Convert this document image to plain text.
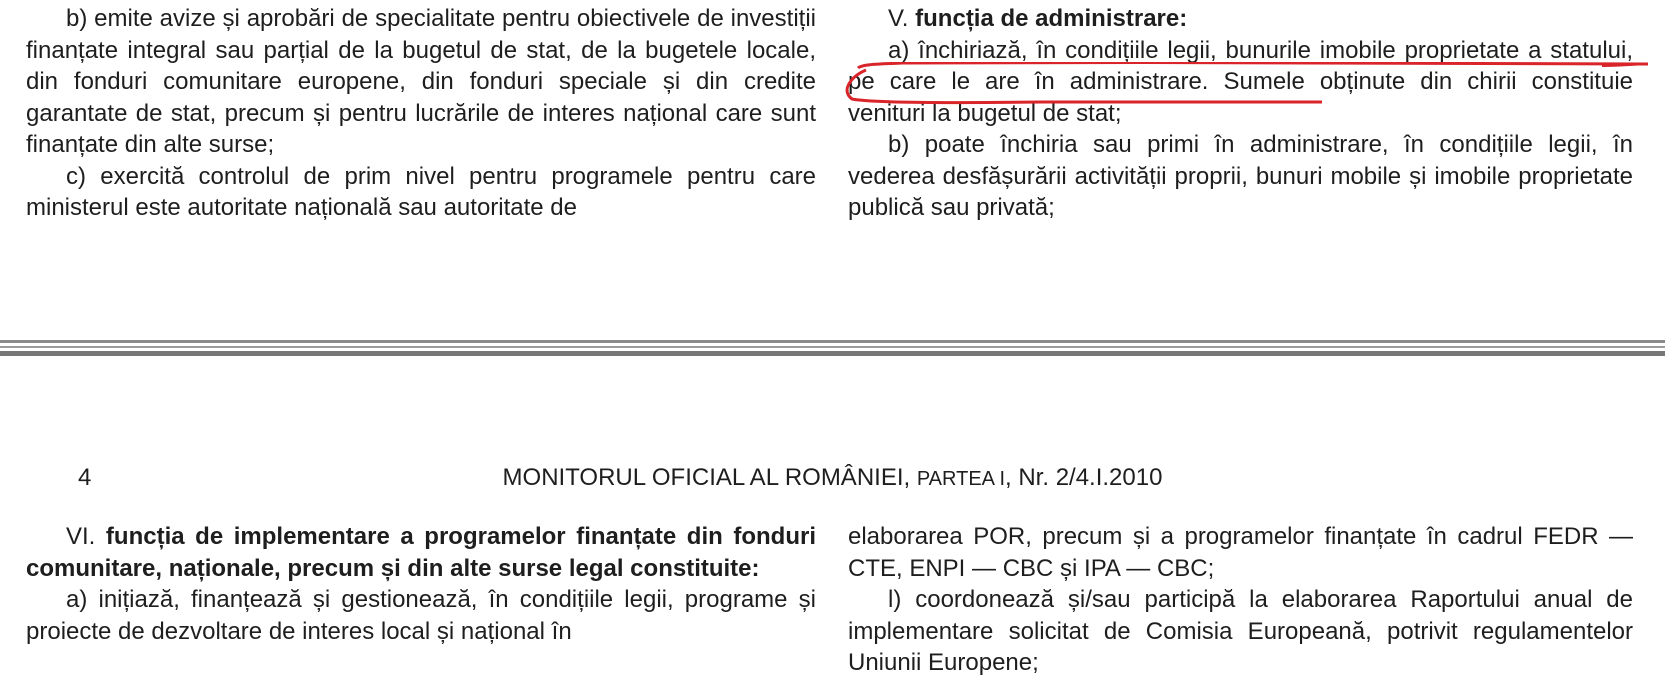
b) emite avize și aprobări de specialitate pentru obiectivele de investiții finanțate integral sau parțial de la bugetul de stat, de la bugetele locale, din fonduri comunitare europene, din fonduri speciale și din credite garantate de stat, precum și pentru lucrările de interes național care sunt finanțate din alte surse;

c) exercită controlul de prim nivel pentru programele pentru care ministerul este autoritate națională sau autoritate de

V. funcția de administrare:

a) închiriază, în condițiile legii, bunurile imobile proprietate a statului, pe care le are în administrare. Sumele obținute din chirii constituie venituri la bugetul de stat;

b) poate închiria sau primi în administrare, în condițiile legii, în vederea desfășurării activității proprii, bunuri mobile și imobile proprietate publică sau privată;

4	MONITORUL OFICIAL AL ROMÂNIEI, PARTEA I, Nr. 2/4.I.2010

VI. funcția de implementare a programelor finanțate din fonduri comunitare, naționale, precum și din alte surse legal constituite:

a) inițiază, finanțează și gestionează, în condițiile legii, programe și proiecte de dezvoltare de interes local și național în

elaborarea POR, precum și a programelor finanțate în cadrul FEDR — CTE, ENPI — CBC și IPA — CBC;

l) coordonează și/sau participă la elaborarea Raportului anual de implementare solicitat de Comisia Europeană, potrivit regulamentelor Uniunii Europene;
